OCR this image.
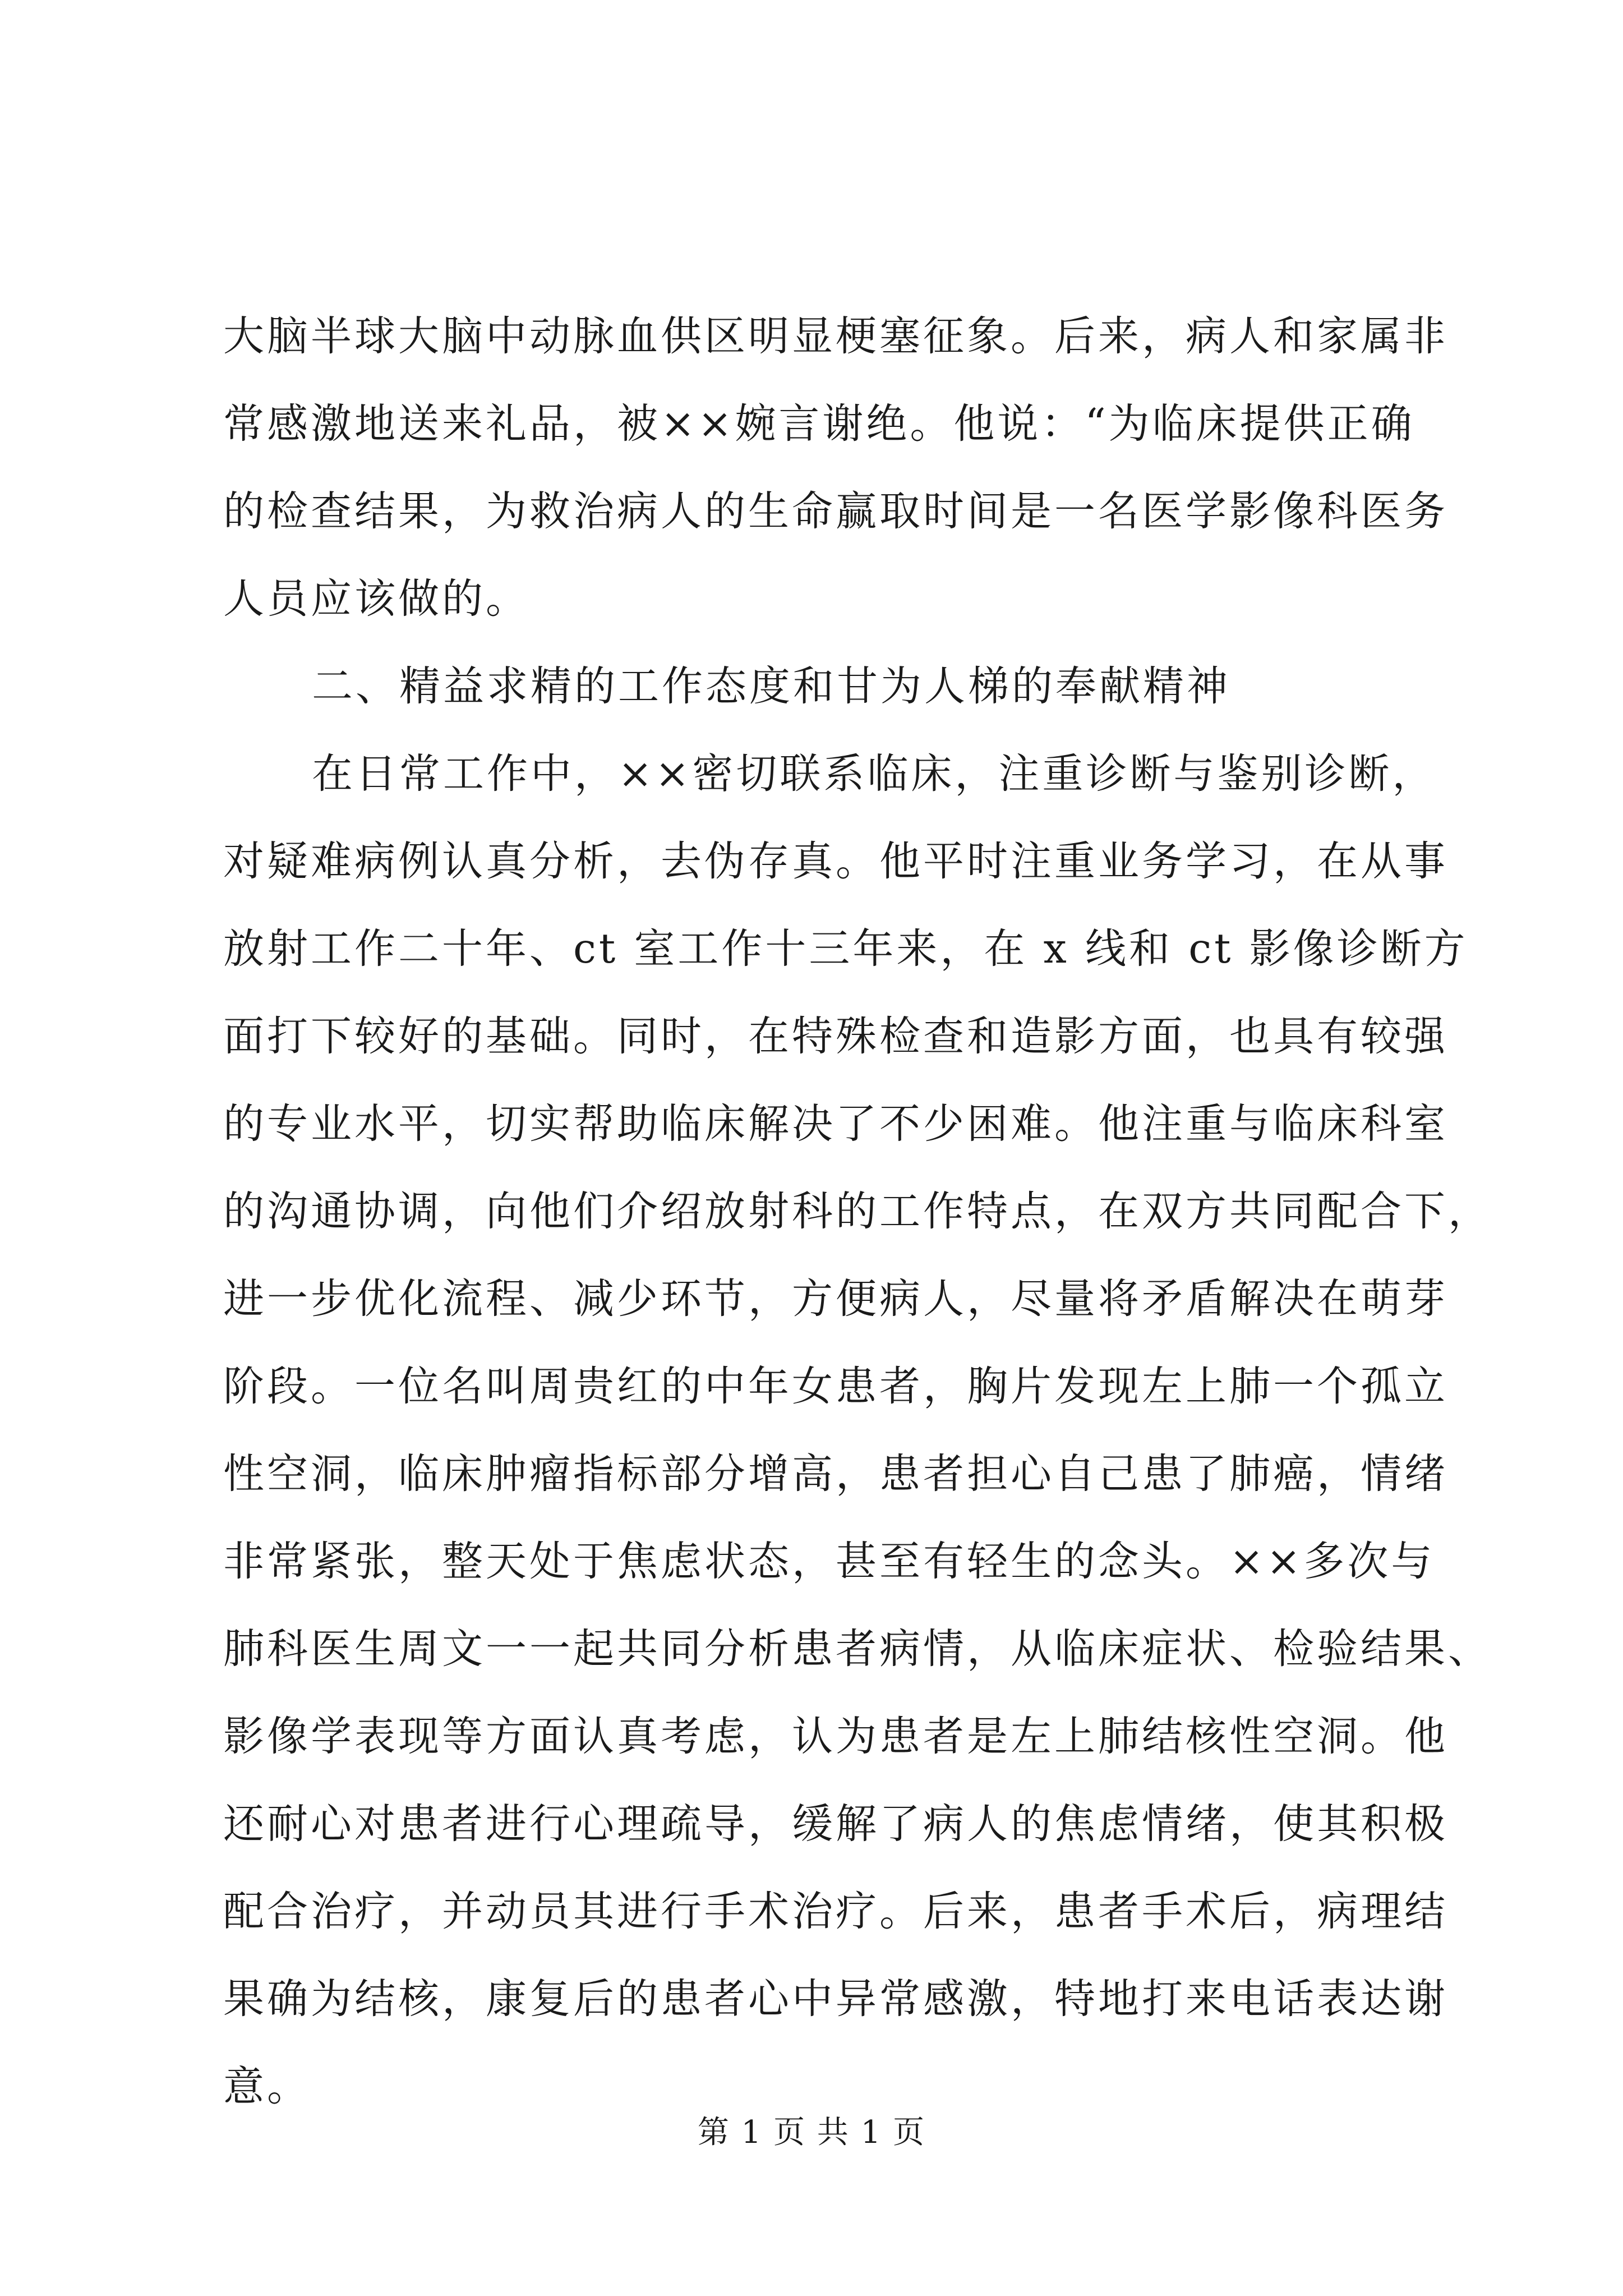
大脑半球大脑中动脉血供区明显梗塞征象。后来，病人和家属非
常感激地送来礼品，被××婉言谢绝。他说：“为临床提供正确
的检查结果，为救治病人的生命赢取时间是一名医学影像科医务
人员应该做的。
二、精益求精的工作态度和甘为人梯的奉献精神
在日常工作中，××密切联系临床，注重诊断与鉴别诊断，
对疑难病例认真分析，去伪存真。他平时注重业务学习，在从事
放射工作二十年、ct 室工作十三年来，在 x 线和 ct 影像诊断方
面打下较好的基础。同时，在特殊检查和造影方面，也具有较强
的专业水平，切实帮助临床解决了不少困难。他注重与临床科室
的沟通协调，向他们介绍放射科的工作特点，在双方共同配合下，
进一步优化流程、减少环节，方便病人，尽量将矛盾解决在萌芽
阶段。一位名叫周贵红的中年女患者，胸片发现左上肺一个孤立
性空洞，临床肿瘤指标部分增高，患者担心自己患了肺癌，情绪
非常紧张，整天处于焦虑状态，甚至有轻生的念头。××多次与
肺科医生周文一一起共同分析患者病情，从临床症状、检验结果、
影像学表现等方面认真考虑，认为患者是左上肺结核性空洞。他
还耐心对患者进行心理疏导，缓解了病人的焦虑情绪，使其积极
配合治疗，并动员其进行手术治疗。后来，患者手术后，病理结
果确为结核，康复后的患者心中异常感激，特地打来电话表达谢
意。
第 1 页 共 1 页
